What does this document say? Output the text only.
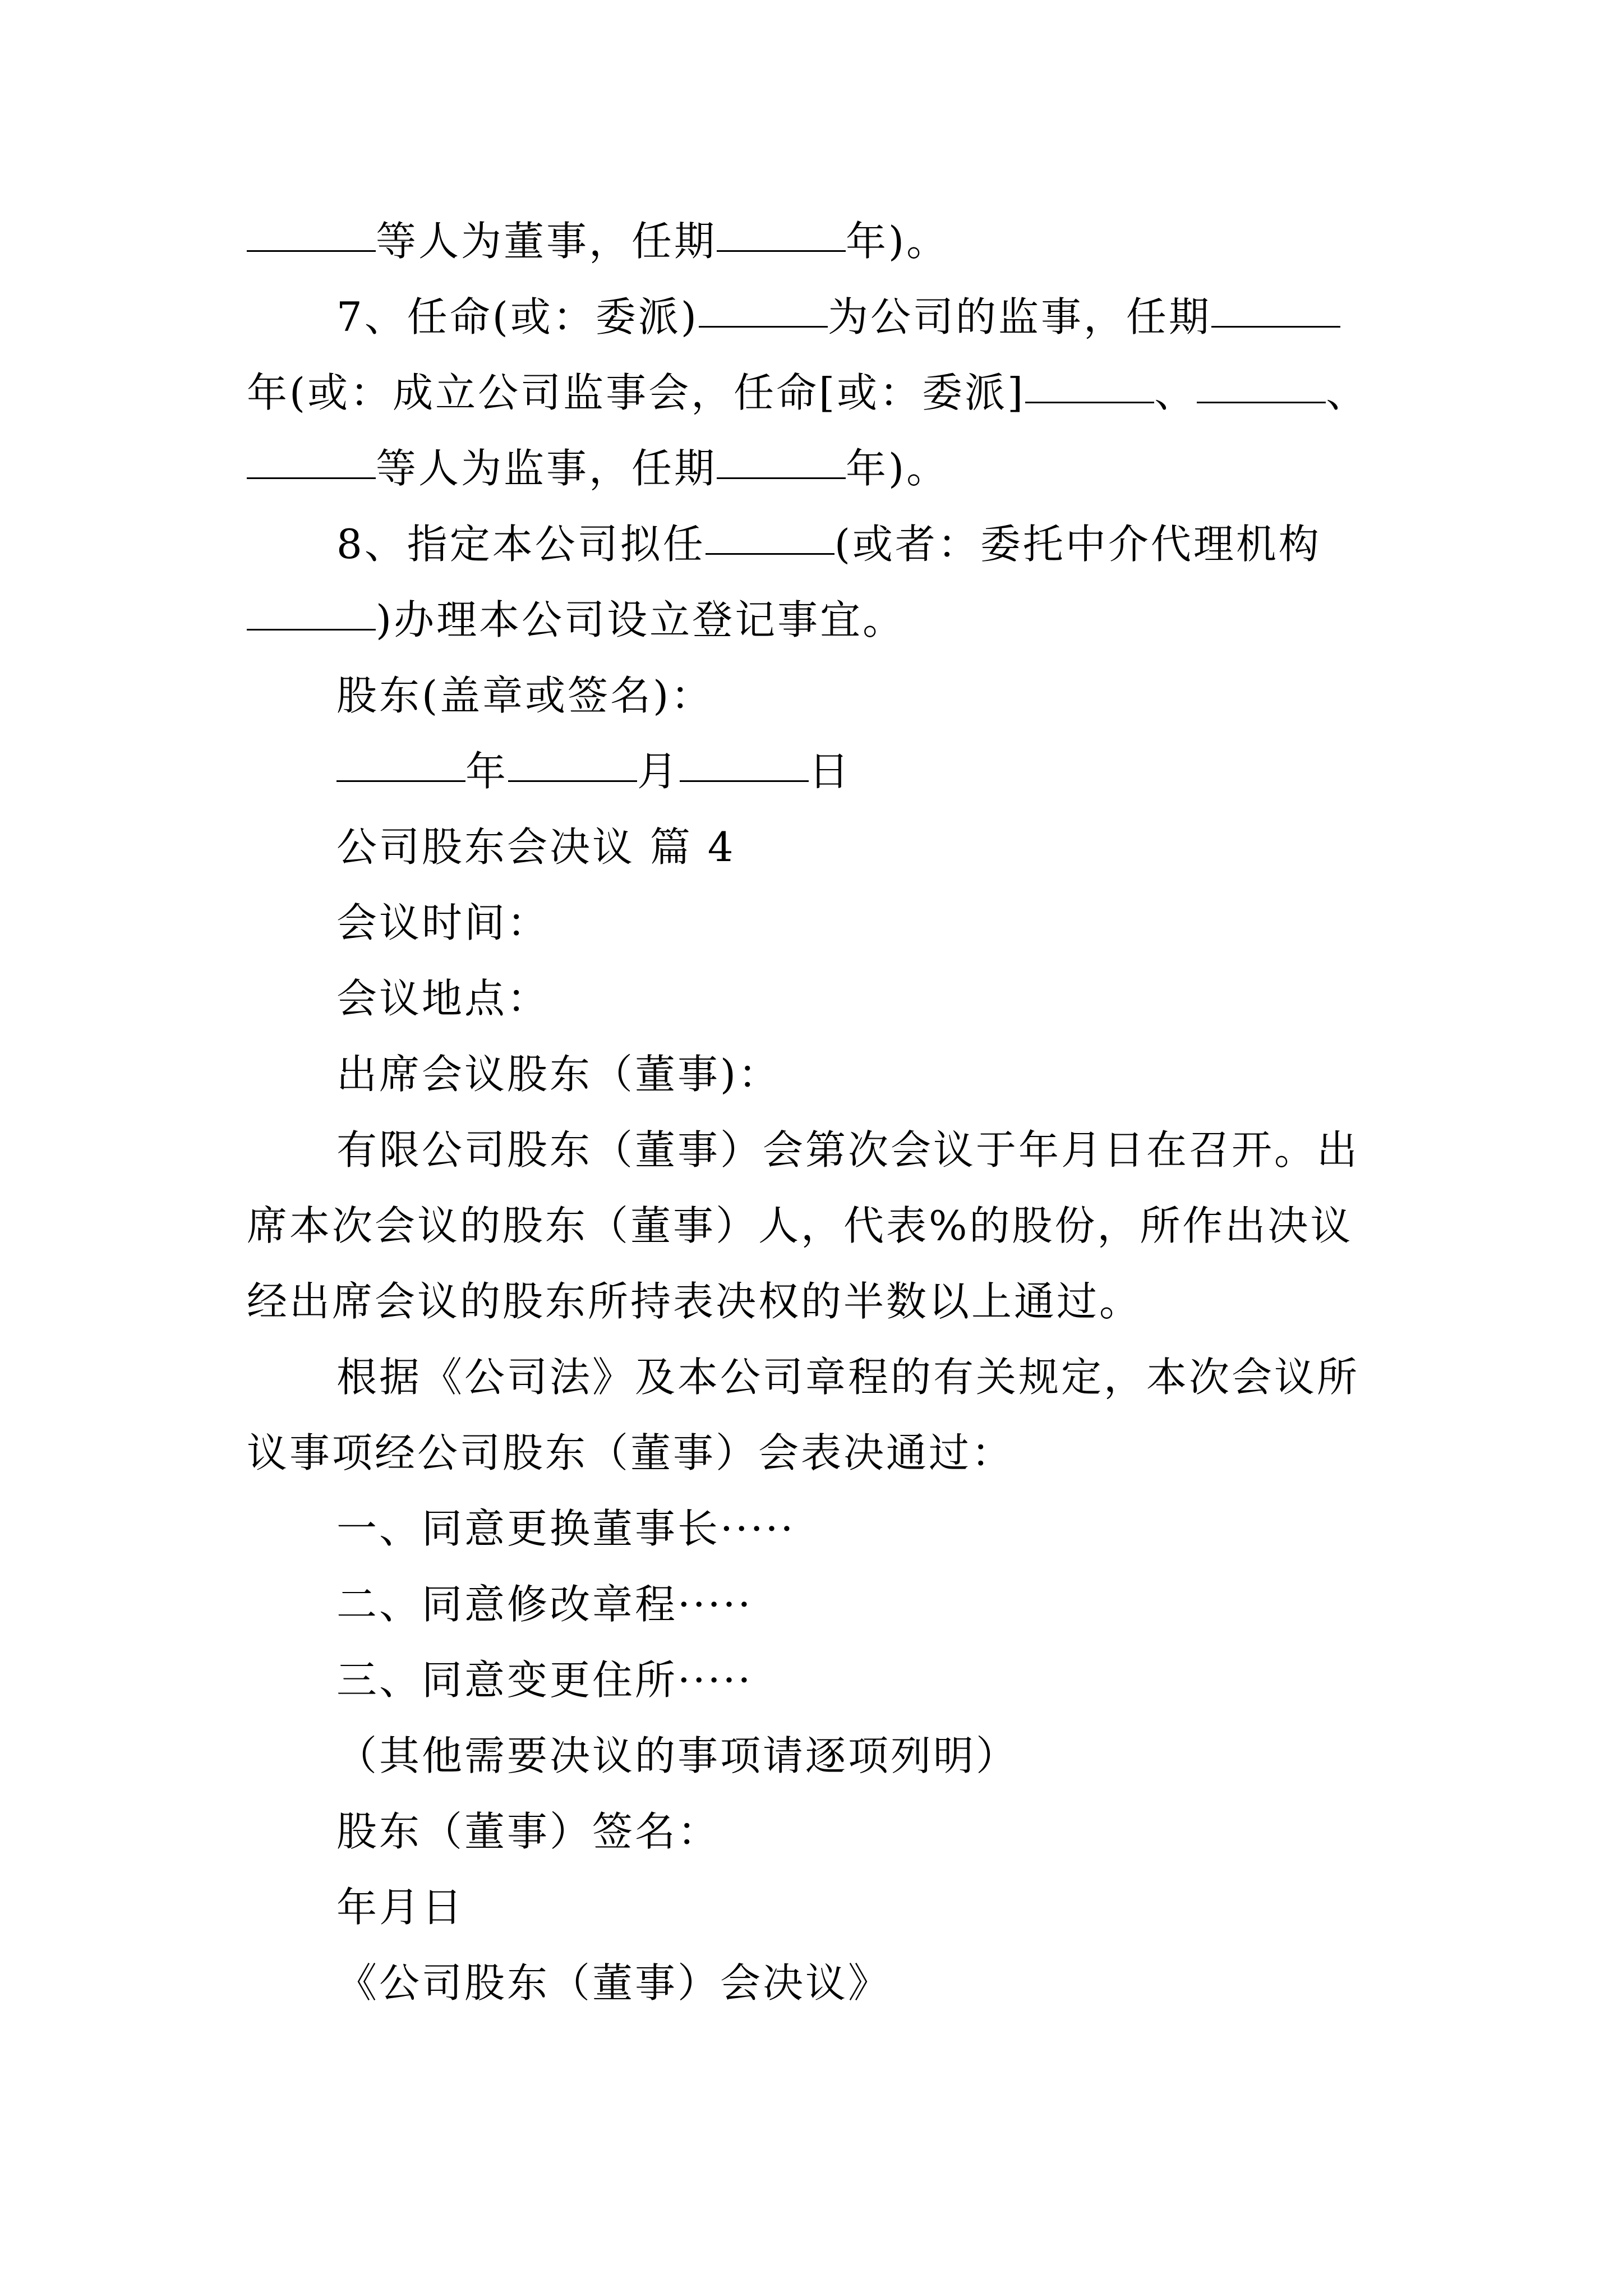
等人为董事，任期	年)。
7、任命(或：委派)	为公司的监事，任期
年(或：成立公司监事会，任命[或：委派]	、	、
等人为监事，任期	年)。
8、指定本公司拟任	(或者：委托中介代理机构
)办理本公司设立登记事宜。
股东(盖章或签名)：
年	月	日
公司股东会决议 篇 4
会议时间：
会议地点：
出席会议股东（董事)：
有限公司股东（董事）会第次会议于年月日在召开。出
席本次会议的股东（董事）人，代表%的股份，所作出决议
经出席会议的股东所持表决权的半数以上通过。
根据《公司法》及本公司章程的有关规定，本次会议所
议事项经公司股东（董事）会表决通过：
一、同意更换董事长·····
二、同意修改章程·····
三、同意变更住所·····
（其他需要决议的事项请逐项列明）
股东（董事）签名：
年月日
《公司股东（董事）会决议》
